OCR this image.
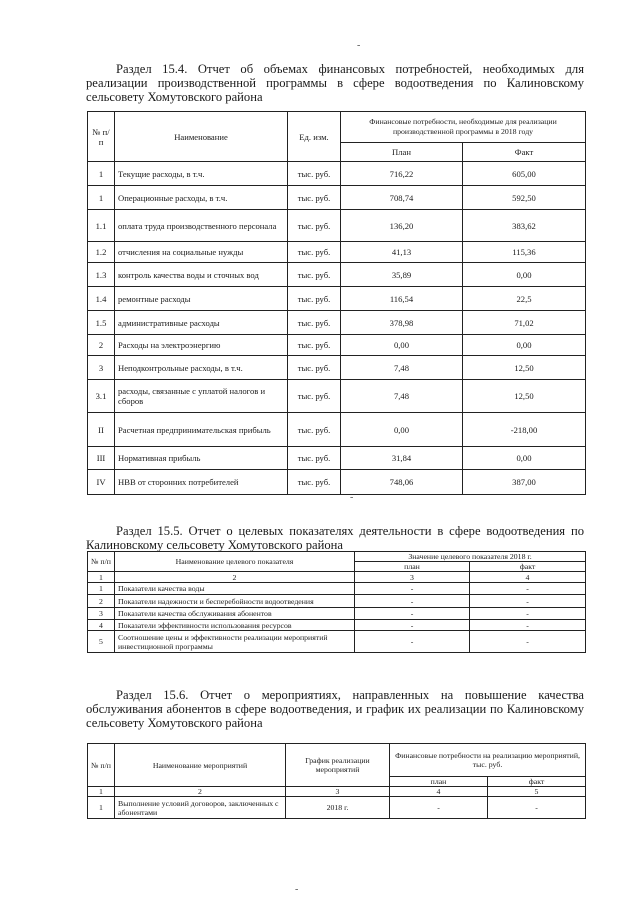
-
Раздел 15.4. Отчет об объемах финансовых потребностей, необходимых для реализации производственной программы в сфере водоотведения по Калиновскому сельсовету Хомутовского района
№ п/п	Наименование	Ед. изм.	Финансовые потребности, необходимые для реализации производственной программы в 2018 году	
			План	Факт
1	Текущие расходы, в т.ч.	тыс. руб.	716,22	605,00
1	Операционные расходы, в т.ч.	тыс. руб.	708,74	592,50
1.1	оплата труда производственного персонала	тыс. руб.	136,20	383,62
1.2	отчисления на социальные нужды	тыс. руб.	41,13	115,36
1.3	контроль качества воды и сточных вод	тыс. руб.	35,89	0,00
1.4	ремонтные расходы	тыс. руб.	116,54	22,5
1.5	административные расходы	тыс. руб.	378,98	71,02
2	Расходы на электроэнергию	тыс. руб.	0,00	0,00
3	Неподконтрольные расходы, в т.ч.	тыс. руб.	7,48	12,50
3.1	расходы, связанные с уплатой налогов и сборов	тыс. руб.	7,48	12,50
II	Расчетная предпринимательская прибыль	тыс. руб.	0,00	-218,00
III	Нормативная прибыль	тыс. руб.	31,84	0,00
IV	НВВ от сторонних потребителей	тыс. руб.	748,06	387,00
-
Раздел 15.5. Отчет о целевых показателях деятельности в сфере водоотведения по Калиновскому сельсовету Хомутовского района
№ п/п	Наименование целевого показателя	Значение целевого показателя 2018 г.	
		план	факт
1	2	3	4
1	Показатели качества воды	-	-
2	Показатели надежности и бесперебойности водоотведения	-	-
3	Показатели качества обслуживания абонентов	-	-
4	Показатели эффективности использования ресурсов	-	-
5	Соотношение цены и эффективности реализации мероприятий инвестиционной программы	-	-
Раздел 15.6. Отчет о мероприятиях, направленных на повышение качества обслуживания абонентов в сфере водоотведения, и график их реализации по Калиновскому сельсовету Хомутовского района
№ п/п	Наименование мероприятий	График реализации мероприятий	Финансовые потребности на реализацию мероприятий, тыс. руб.	
			план	факт
1	2	3	4	5
1	Выполнение условий договоров, заключенных с абонентами	2018 г.	-	-
-
